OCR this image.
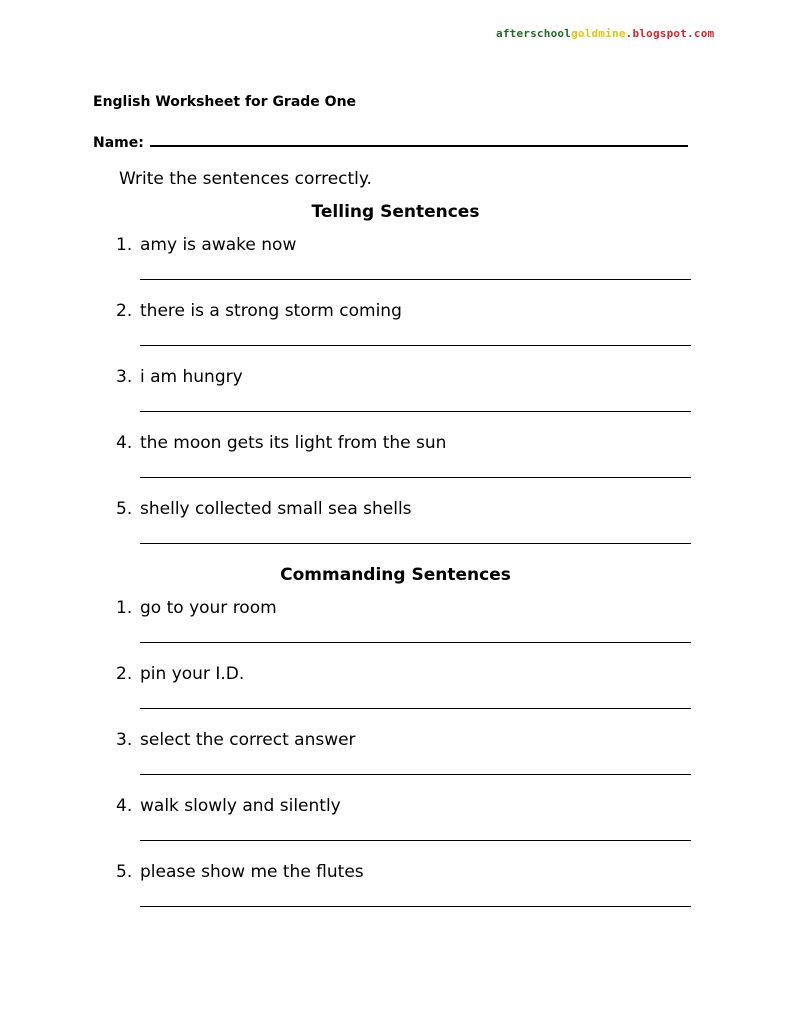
afterschoolgoldmine.blogspot.com
English Worksheet for Grade One
Name:
Write the sentences correctly.
Telling Sentences
1. amy is awake now
2. there is a strong storm coming
3. i am hungry
4. the moon gets its light from the sun
5. shelly collected small sea shells
Commanding Sentences
1. go to your room
2. pin your I.D.
3. select the correct answer
4. walk slowly and silently
5. please show me the flutes
